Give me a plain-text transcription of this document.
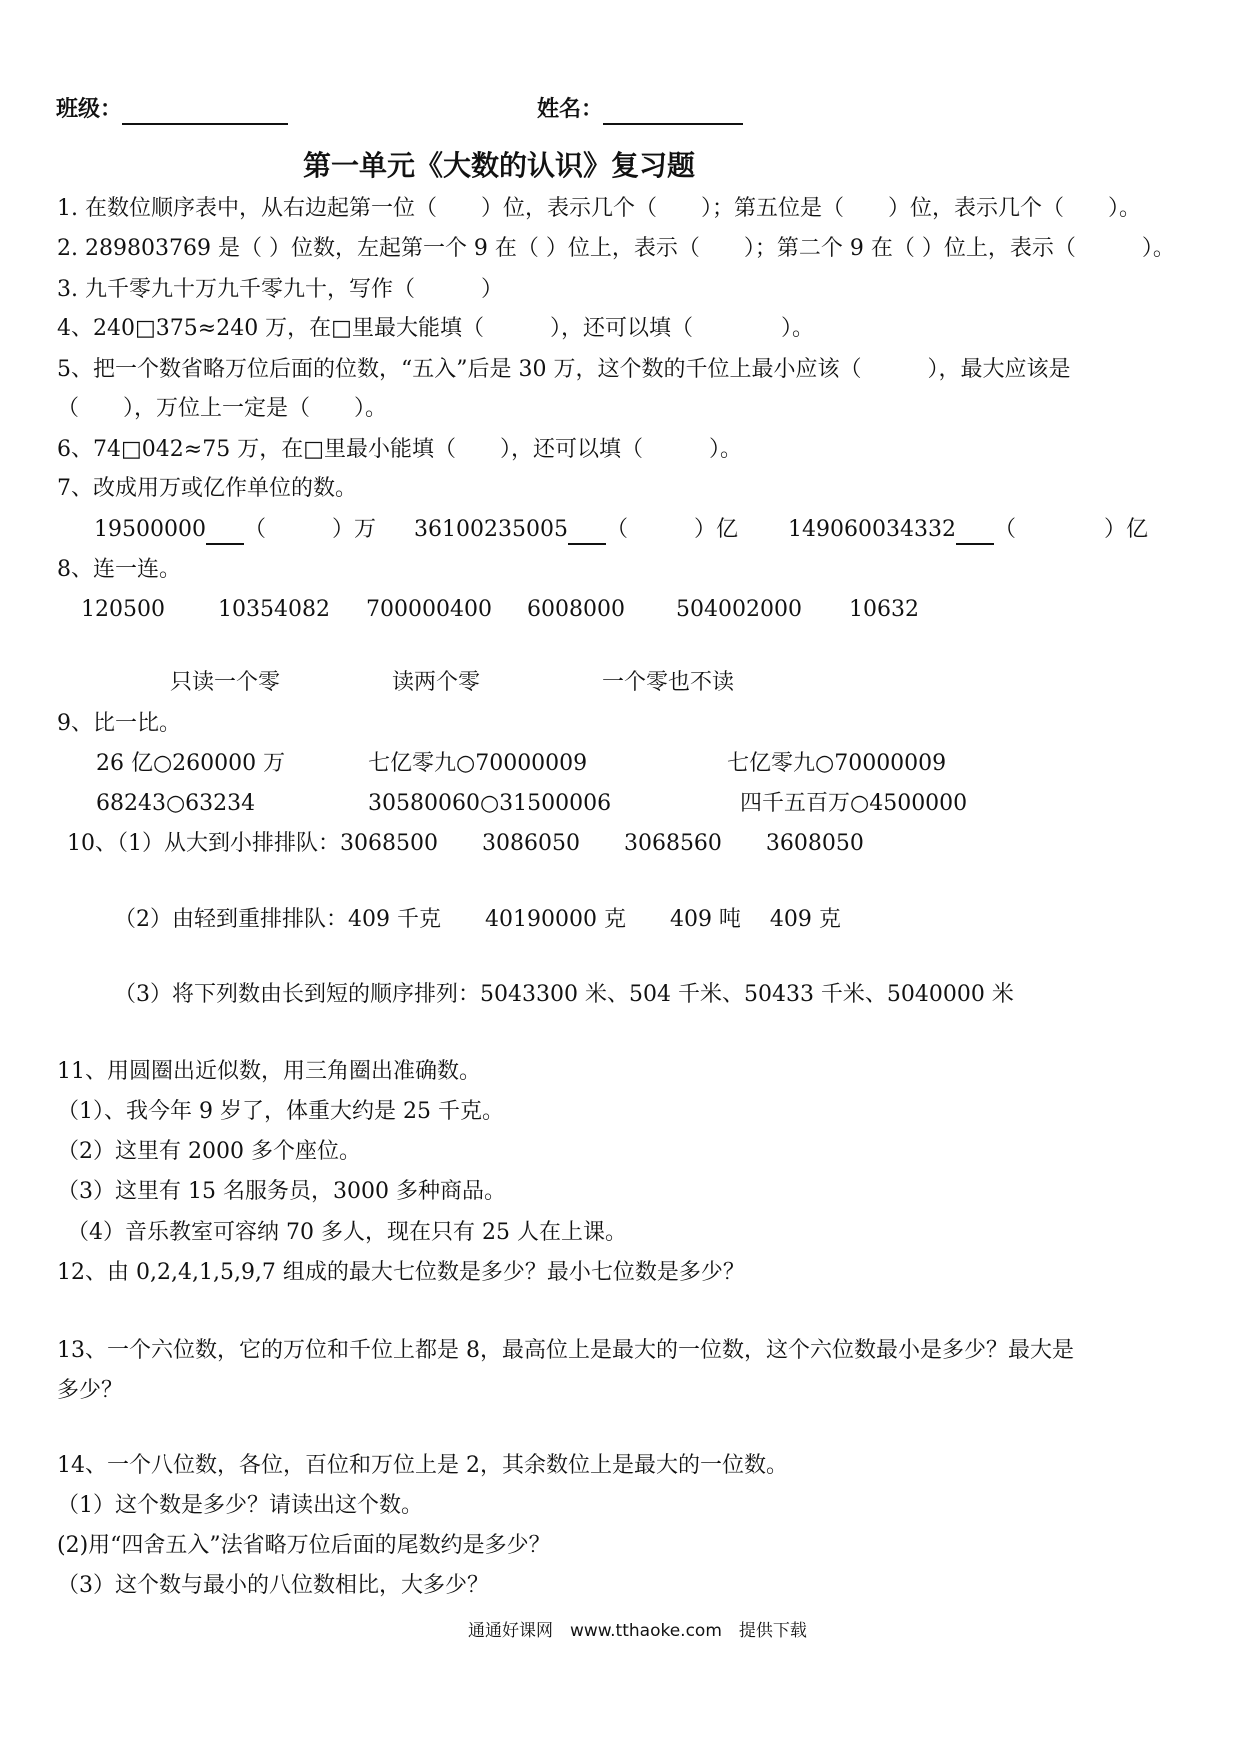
班级：	姓名：
第一单元《大数的认识》复习题
1. 在数位顺序表中，从右边起第一位（　　）位，表示几个（　　）；第五位是（　　）位，表示几个（　　）。
2. 289803769 是（ ）位数，左起第一个 9 在（ ）位上，表示（　　）；第二个 9 在（ ）位上，表示（　　　）。
3. 九千零九十万九千零九十，写作（　　　）
4、240□375≈240 万，在□里最大能填（　　　），还可以填（　　　　）。
5、把一个数省略万位后面的位数，“五入”后是 30 万，这个数的千位上最小应该（　　　），最大应该是
（　　），万位上一定是（　　）。
6、74□042≈75 万，在□里最小能填（　　），还可以填（　　　）。
7、改成用万或亿作单位的数。
19500000 （　　　）万 36100235005 （　　　）亿 149060034332 （　　　　）亿
8、连一连。
120500 10354082 700000400 6008000 504002000 10632
只读一个零	读两个零	一个零也不读
9、比一比。
26 亿○260000 万	七亿零九○70000009	七亿零九○70000009
68243○63234	30580060○31500006	四千五百万○4500000
10、（1）从大到小排排队：3068500　　3086050　　3068560　　3608050
（2）由轻到重排排队：409 千克　　40190000 克　　409 吨　 409 克
（3）将下列数由长到短的顺序排列：5043300 米、504 千米、50433 千米、5040000 米
11、用圆圈出近似数，用三角圈出准确数。
（1）、我今年 9 岁了，体重大约是 25 千克。
（2）这里有 2000 多个座位。
（3）这里有 15 名服务员，3000 多种商品。
（4）音乐教室可容纳 70 多人，现在只有 25 人在上课。
12、由 0,2,4,1,5,9,7 组成的最大七位数是多少？最小七位数是多少？
13、一个六位数，它的万位和千位上都是 8，最高位上是最大的一位数，这个六位数最小是多少？最大是
多少？
14、一个八位数，各位，百位和万位上是 2，其余数位上是最大的一位数。
（1）这个数是多少？请读出这个数。
(2)用“四舍五入”法省略万位后面的尾数约是多少？
（3）这个数与最小的八位数相比，大多少？
通通好课网　www.tthaoke.com　提供下载
